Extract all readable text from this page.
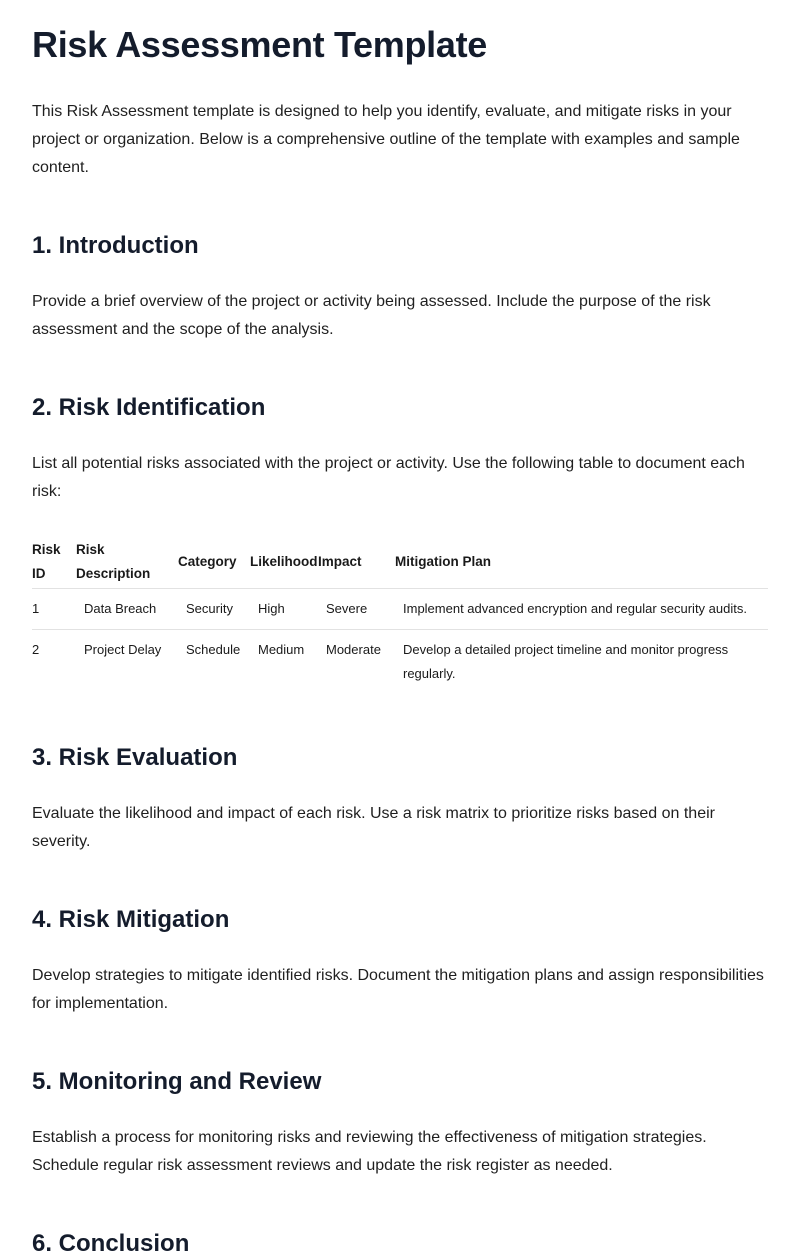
Risk Assessment Template

This Risk Assessment template is designed to help you identify, evaluate, and mitigate risks in your project or organization. Below is a comprehensive outline of the template with examples and sample content.

1. Introduction

Provide a brief overview of the project or activity being assessed. Include the purpose of the risk assessment and the scope of the analysis.

2. Risk Identification

List all potential risks associated with the project or activity. Use the following table to document each risk:

Risk ID	Risk Description	Category	Likelihood	Impact	Mitigation Plan
1	Data Breach	Security	High	Severe	Implement advanced encryption and regular security audits.
2	Project Delay	Schedule	Medium	Moderate	Develop a detailed project timeline and monitor progress regularly.
3. Risk Evaluation

Evaluate the likelihood and impact of each risk. Use a risk matrix to prioritize risks based on their severity.

4. Risk Mitigation

Develop strategies to mitigate identified risks. Document the mitigation plans and assign responsibilities for implementation.

5. Monitoring and Review

Establish a process for monitoring risks and reviewing the effectiveness of mitigation strategies. Schedule regular risk assessment reviews and update the risk register as needed.

6. Conclusion
